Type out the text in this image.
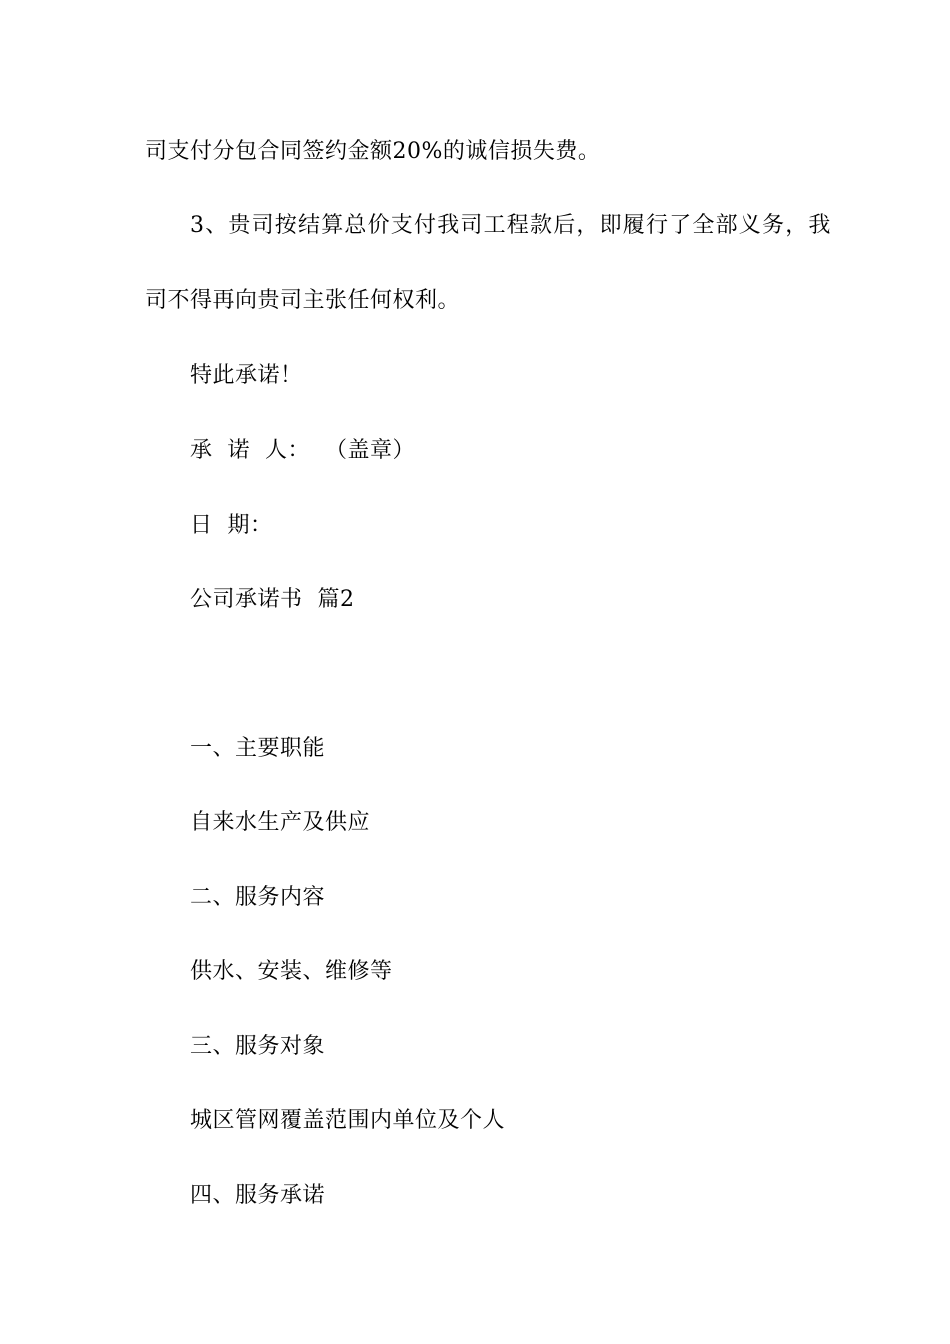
司支付分包合同签约金额20%的诚信损失费。
3、贵司按结算总价支付我司工程款后，即履行了全部义务，我
司不得再向贵司主张任何权利。
特此承诺！
承  诺  人：  （盖章）
日  期：
公司承诺书  篇2
一、主要职能
自来水生产及供应
二、服务内容
供水、安装、维修等
三、服务对象
城区管网覆盖范围内单位及个人
四、服务承诺
